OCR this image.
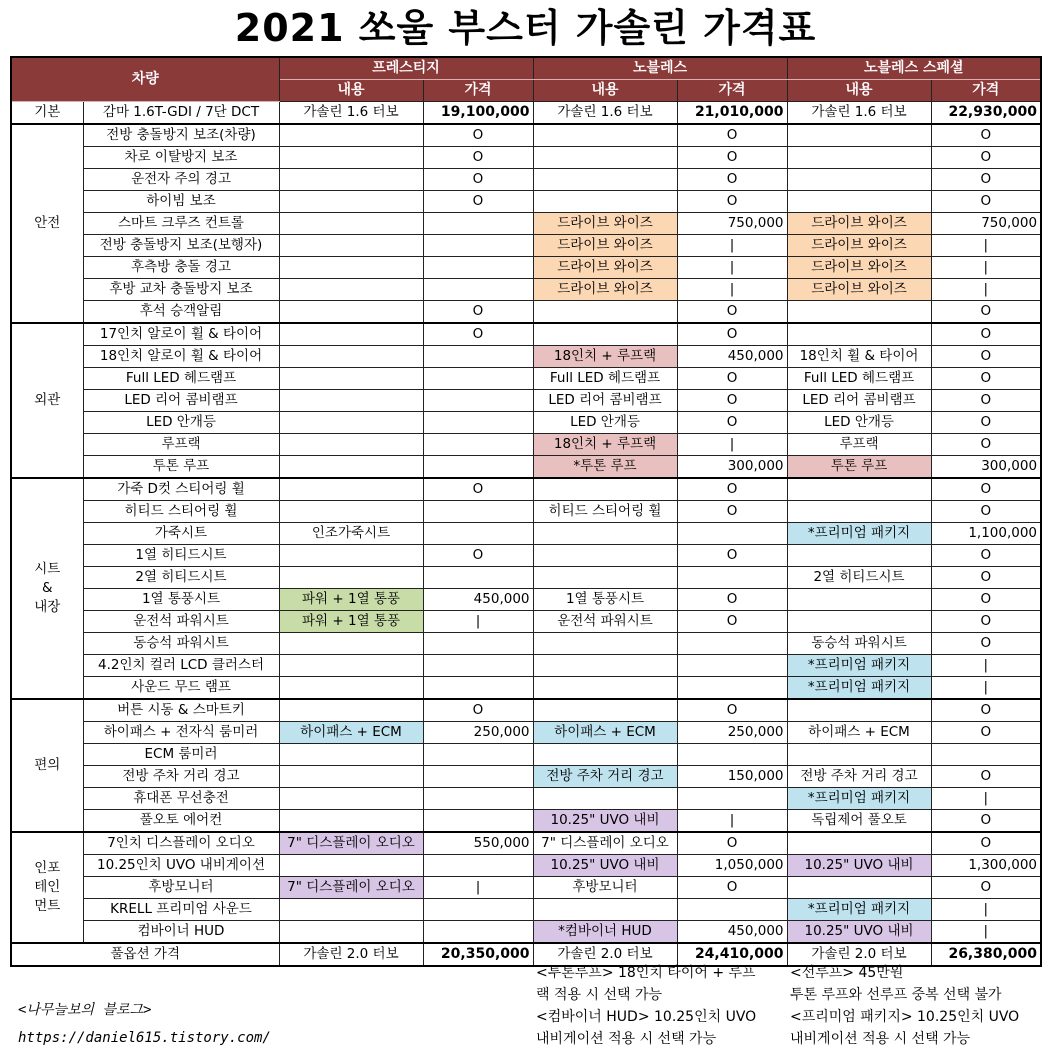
2021 쏘울 부스터 가솔린 가격표
차량		프레스티지		노블레스		노블레스 스페셜	
		내용	가격	내용	가격	내용	가격
기본	감마 1.6T-GDI / 7단 DCT	가솔린 1.6 터보	19,100,000	가솔린 1.6 터보	21,010,000	가솔린 1.6 터보	22,930,000
안전	전방 충돌방지 보조(차량)		O		O		O
	차로 이탈방지 보조		O		O		O
	운전자 주의 경고		O		O		O
	하이빔 보조		O		O		O
	스마트 크루즈 컨트롤			드라이브 와이즈	750,000	드라이브 와이즈	750,000
	전방 충돌방지 보조(보행자)			드라이브 와이즈	|	드라이브 와이즈	|
	후측방 충돌 경고			드라이브 와이즈	|	드라이브 와이즈	|
	후방 교차 충돌방지 보조			드라이브 와이즈	|	드라이브 와이즈	|
	후석 승객알림		O		O		O
외관	17인치 알로이 휠 & 타이어		O		O		O
	18인치 알로이 휠 & 타이어			18인치 + 루프랙	450,000	18인치 휠 & 타이어	O
	Full LED 헤드램프			Full LED 헤드램프	O	Full LED 헤드램프	O
	LED 리어 콤비램프			LED 리어 콤비램프	O	LED 리어 콤비램프	O
	LED 안개등			LED 안개등	O	LED 안개등	O
	루프랙			18인치 + 루프랙	|	루프랙	O
	투톤 루프			*투톤 루프	300,000	투톤 루프	300,000
시트
&
내장	가죽 D컷 스티어링 휠		O		O		O
	히티드 스티어링 휠			히티드 스티어링 휠	O		O
	가죽시트	인조가죽시트				*프리미엄 패키지	1,100,000
	1열 히티드시트		O		O		O
	2열 히티드시트					2열 히티드시트	O
	1열 통풍시트	파워 + 1열 통풍	450,000	1열 통풍시트	O		O
	운전석 파워시트	파워 + 1열 통풍	|	운전석 파워시트	O		O
	동승석 파워시트					동승석 파워시트	O
	4.2인치 컬러 LCD 클러스터					*프리미엄 패키지	|
	사운드 무드 램프					*프리미엄 패키지	|
편의	버튼 시동 & 스마트키		O		O		O
	하이패스 + 전자식 룸미러	하이패스 + ECM	250,000	하이패스 + ECM	250,000	하이패스 + ECM	O
	ECM 룸미러						
	전방 주차 거리 경고			전방 주차 거리 경고	150,000	전방 주차 거리 경고	O
	휴대폰 무선충전					*프리미엄 패키지	|
	풀오토 에어컨			10.25" UVO 내비	|	독립제어 풀오토	O
인포
테인
먼트	7인치 디스플레이 오디오	7" 디스플레이 오디오	550,000	7" 디스플레이 오디오	O		O
	10.25인치 UVO 내비게이션			10.25" UVO 내비	1,050,000	10.25" UVO 내비	1,300,000
	후방모니터	7" 디스플레이 오디오	|	후방모니터	O		O
	KRELL 프리미엄 사운드					*프리미엄 패키지	|
	컴바이너 HUD			*컴바이너 HUD	450,000	10.25" UVO 내비	|
풀옵션 가격		가솔린 2.0 터보	20,350,000	가솔린 2.0 터보	24,410,000	가솔린 2.0 터보	26,380,000
<투톤루프> 18인치 타이어 + 루프
랙 적용 시 선택 가능
<컴바이너 HUD> 10.25인치 UVO
내비게이션 적용 시 선택 가능
<선루프> 45만원
투톤 루프와 선루프 중복 선택 불가
<프리미엄 패키지> 10.25인치 UVO
내비게이션 적용 시 선택 가능
<나무늘보의 블로그>
https://daniel615.tistory.com/
